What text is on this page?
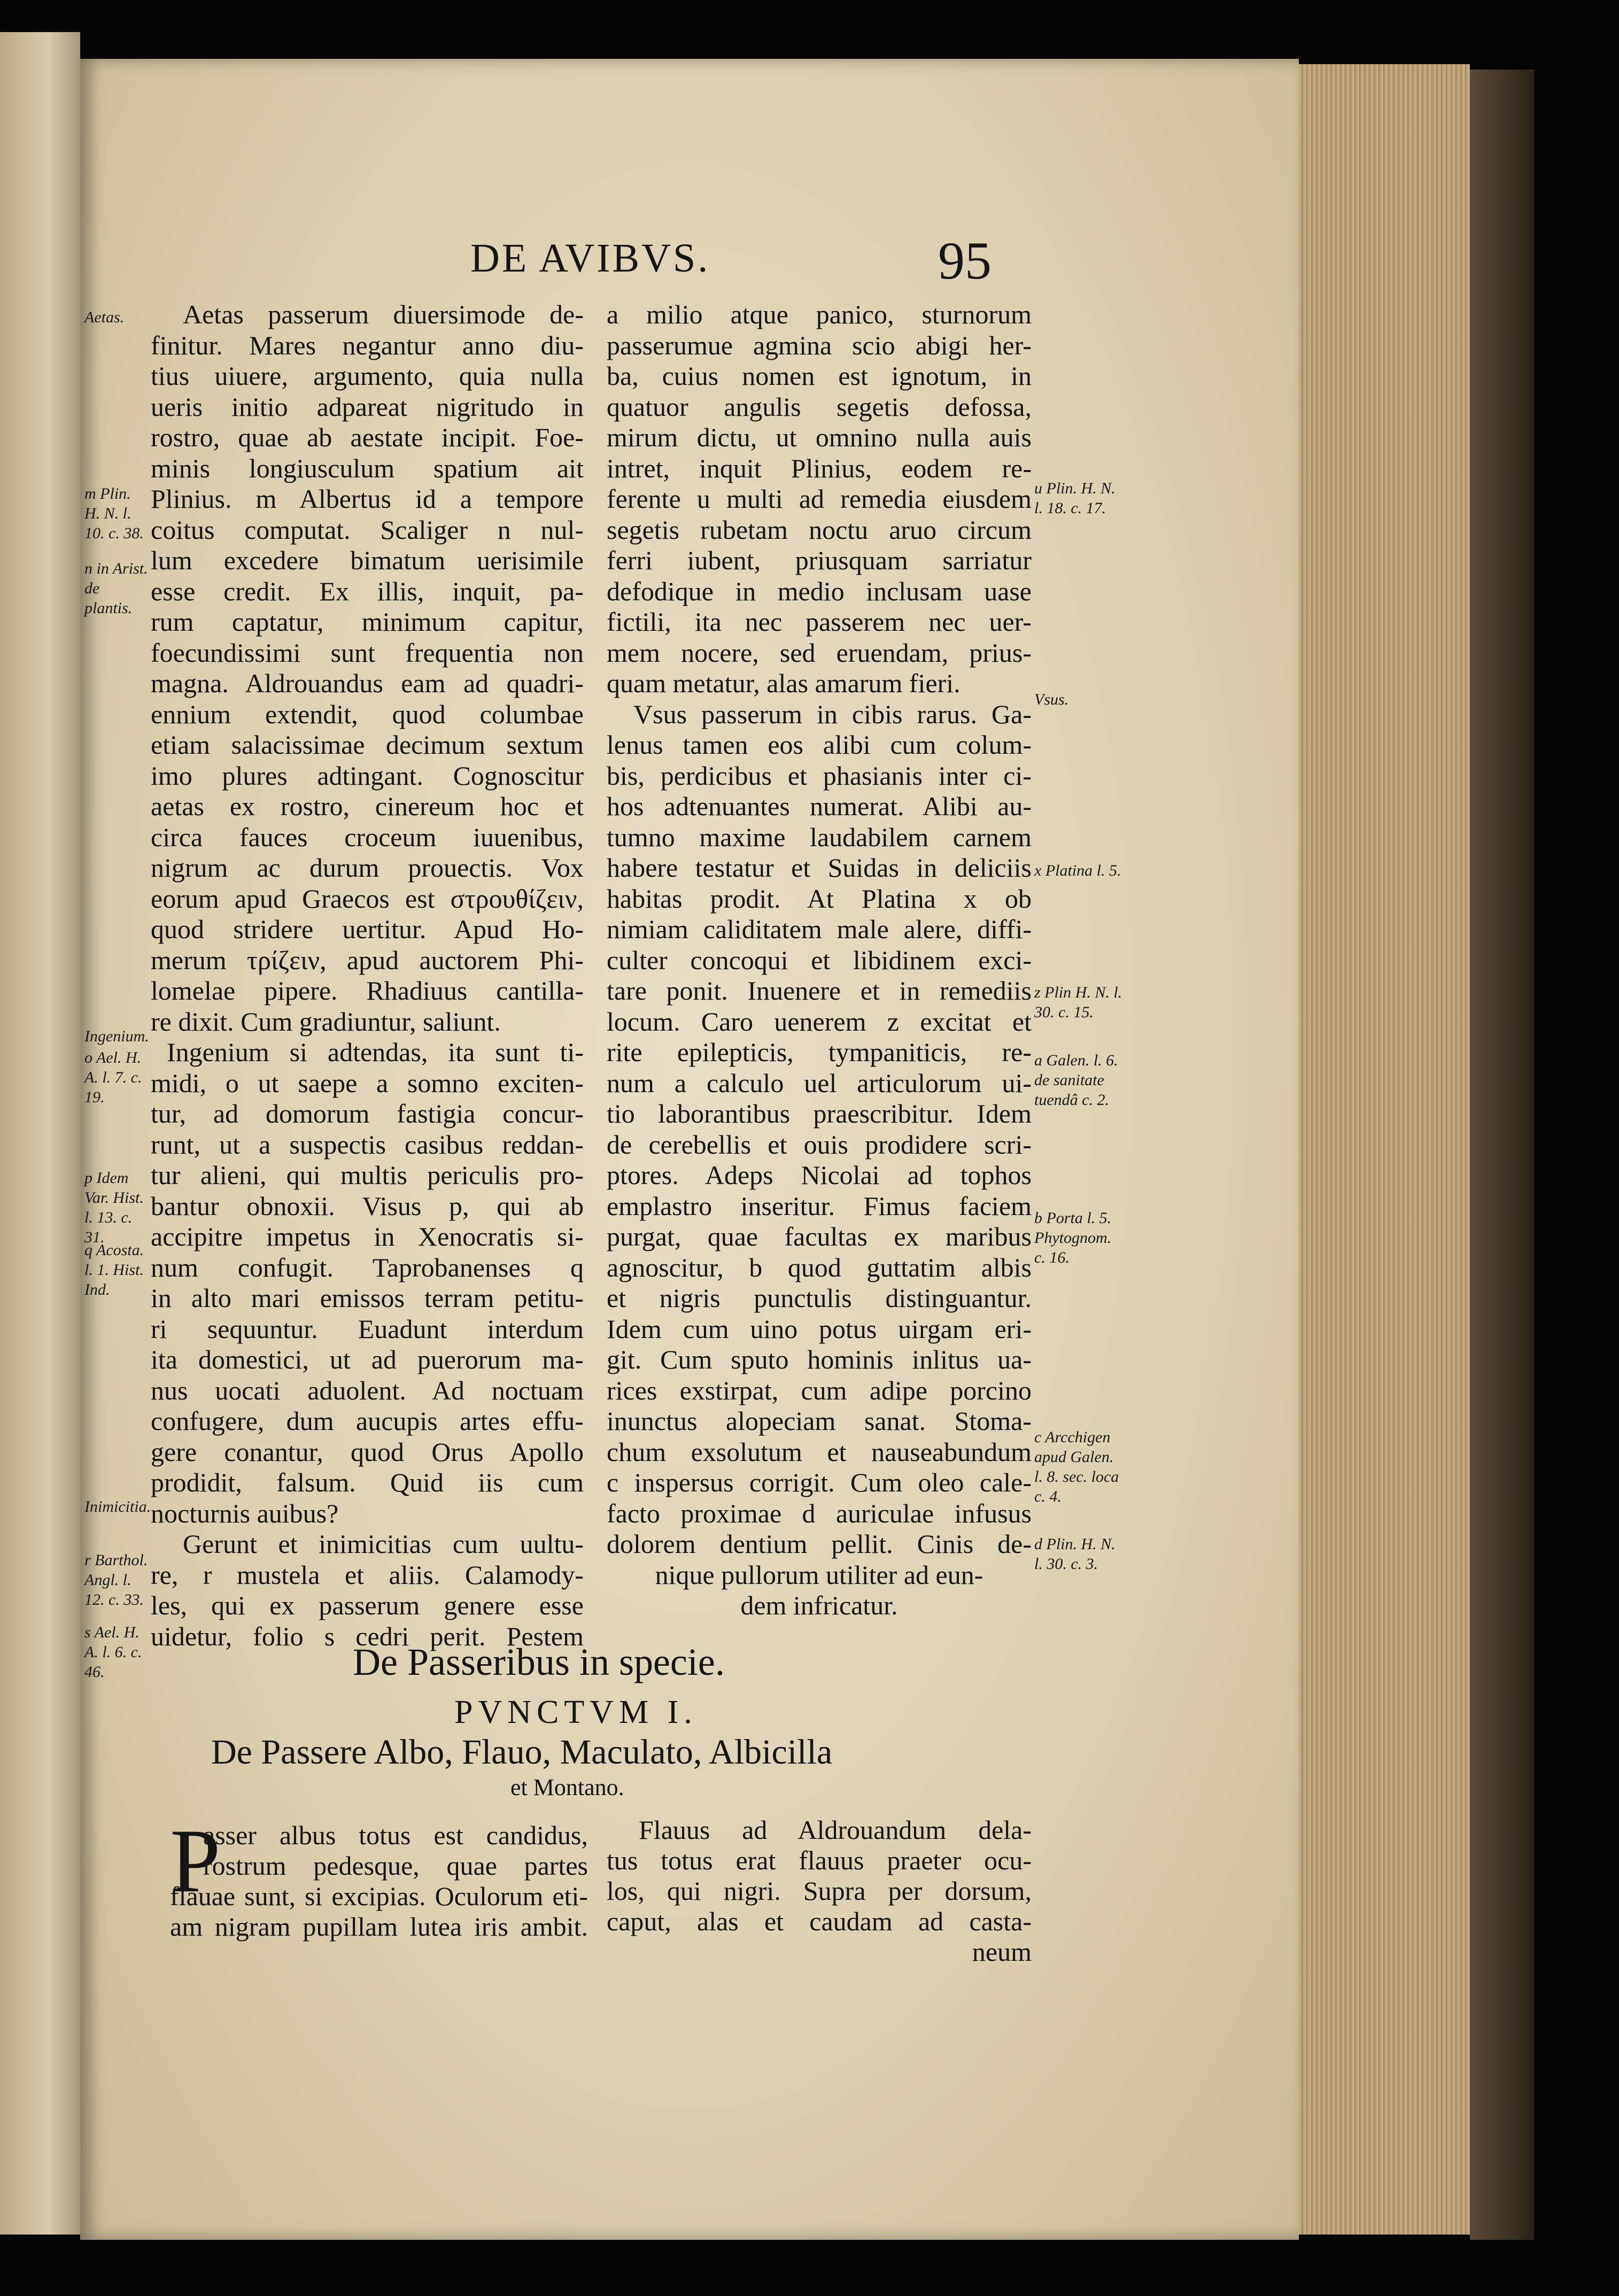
DE AVIBVS.	95
Aetas passerum diuersimode de-
finitur. Mares negantur anno diu-
tius uiuere, argumento, quia nulla
ueris initio adpareat nigritudo in
rostro, quae ab aestate incipit. Foe-
minis longiusculum spatium ait
Plinius. m Albertus id a tempore
coitus computat. Scaliger n nul-
lum excedere bimatum uerisimile
esse credit. Ex illis, inquit, pa-
rum captatur, minimum capitur,
foecundissimi sunt frequentia non
magna. Aldrouandus eam ad quadri-
ennium extendit, quod columbae
etiam salacissimae decimum sextum
imo plures adtingant. Cognoscitur
aetas ex rostro, cinereum hoc et
circa fauces croceum iuuenibus,
nigrum ac durum prouectis. Vox
eorum apud Graecos est στρουθίζειν,
quod stridere uertitur. Apud Ho-
merum τρίζειν, apud auctorem Phi-
lomelae pipere. Rhadiuus cantilla-
re dixit. Cum gradiuntur, saliunt.
Ingenium si adtendas, ita sunt ti-
midi, o ut saepe a somno exciten-
tur, ad domorum fastigia concur-
runt, ut a suspectis casibus reddan-
tur alieni, qui multis periculis pro-
bantur obnoxii. Visus p, qui ab
accipitre impetus in Xenocratis si-
num confugit. Taprobanenses q
in alto mari emissos terram petitu-
ri sequuntur. Euadunt interdum
ita domestici, ut ad puerorum ma-
nus uocati aduolent. Ad noctuam
confugere, dum aucupis artes effu-
gere conantur, quod Orus Apollo
prodidit, falsum. Quid iis cum
nocturnis auibus?
Gerunt et inimicitias cum uultu-
re, r mustela et aliis. Calamody-
les, qui ex passerum genere esse
uidetur, folio s cedri perit. Pestem
a milio atque panico, sturnorum
passerumue agmina scio abigi her-
ba, cuius nomen est ignotum, in
quatuor angulis segetis defossa,
mirum dictu, ut omnino nulla auis
intret, inquit Plinius, eodem re-
ferente u multi ad remedia eiusdem
segetis rubetam noctu aruo circum
ferri iubent, priusquam sarriatur
defodique in medio inclusam uase
fictili, ita nec passerem nec uer-
mem nocere, sed eruendam, prius-
quam metatur, alas amarum fieri.
Vsus passerum in cibis rarus. Ga-
lenus tamen eos alibi cum colum-
bis, perdicibus et phasianis inter ci-
hos adtenuantes numerat. Alibi au-
tumno maxime laudabilem carnem
habere testatur et Suidas in deliciis
habitas prodit. At Platina x ob
nimiam caliditatem male alere, diffi-
culter concoqui et libidinem exci-
tare ponit. Inuenere et in remediis
locum. Caro uenerem z excitat et
rite epilepticis, tympaniticis, re-
num a calculo uel articulorum ui-
tio laborantibus praescribitur. Idem
de cerebellis et ouis prodidere scri-
ptores. Adeps Nicolai ad tophos
emplastro inseritur. Fimus faciem
purgat, quae facultas ex maribus
agnoscitur, b quod guttatim albis
et nigris punctulis distinguantur.
Idem cum uino potus uirgam eri-
git. Cum sputo hominis inlitus ua-
rices exstirpat, cum adipe porcino
inunctus alopeciam sanat. Stoma-
chum exsolutum et nauseabundum
c inspersus corrigit. Cum oleo cale-
facto proximae d auriculae infusus
dolorem dentium pellit. Cinis de-
nique pullorum utiliter ad eun-
dem infricatur.
Aetas.
m Plin. H. N. l. 10. c. 38.
n in Arist. de plantis.
Ingenium.
o Ael. H. A. l. 7. c. 19.
p Idem Var. Hist. l. 13. c. 31.
q Acosta. l. 1. Hist. Ind.
Inimicitia.
r Barthol. Angl. l. 12. c. 33.
s Ael. H. A. l. 6. c. 46.
u Plin. H. N. l. 18. c. 17.
Vsus.
x Platina l. 5.
z Plin H. N. l. 30. c. 15.
a Galen. l. 6. de sanitate tuendâ c. 2.
b Porta l. 5. Phytognom. c. 16.
c Arcchigen apud Galen. l. 8. sec. loca c. 4.
d Plin. H. N. l. 30. c. 3.
De Passeribus in specie.
PVNCTVM I.
De Passere Albo, Flauo, Maculato, Albicilla
et Montano.
P
asser albus totus est candidus,
rostrum pedesque, quae partes
flauae sunt, si excipias. Oculorum eti-
am nigram pupillam lutea iris ambit.
Flauus ad Aldrouandum dela-
tus totus erat flauus praeter ocu-
los, qui nigri. Supra per dorsum,
caput, alas et caudam ad casta-
neum
